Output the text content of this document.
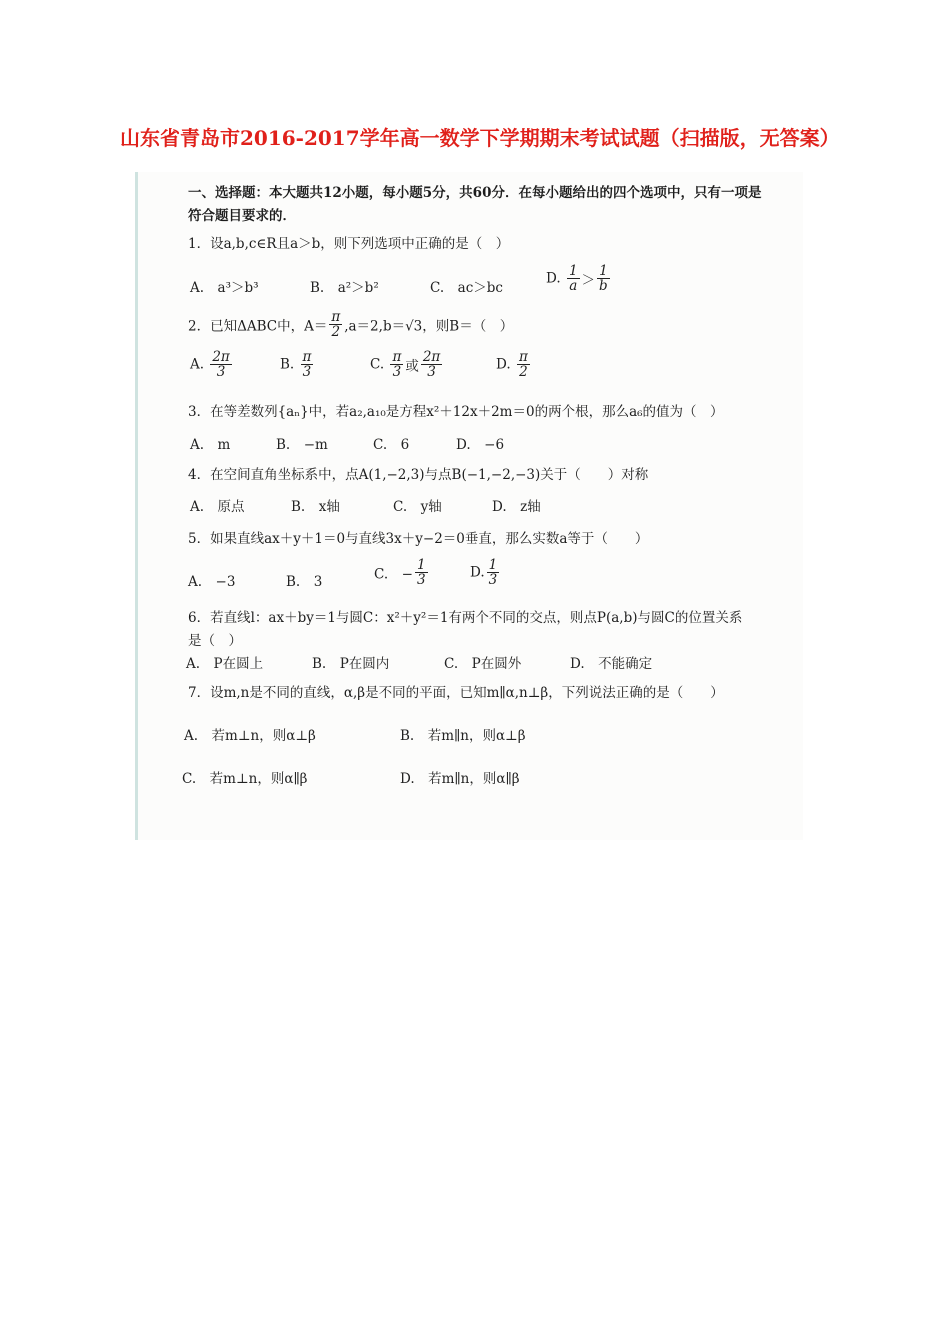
山东省青岛市2016-2017学年高一数学下学期期末考试试题（扫描版，无答案）
一、选择题：本大题共12小题，每小题5分，共60分．在每小题给出的四个选项中，只有一项是
符合题目要求的．
1．设a,b,c∈R且a＞b，则下列选项中正确的是（　）
A.　a³＞b³	B.　a²＞b²	C.　ac＞bc
D. $\frac{1}{a} > \frac{1}{b}$
2．已知ΔABC中，$A= \frac{\pi}{2} ,a=2,b=√3$，则B＝（　）
A. $\frac{2\pi}{3}$	B. $\frac{\pi}{3}$	C. $\frac{\pi}{3}$ 或 $\frac{2\pi}{3}$	D. $\frac{\pi}{2}$
3．在等差数列{aₙ}中，若a₂,a₁₀是方程x²＋12x＋2m＝0的两个根，那么a₆的值为（　）
A.　m	B.　−m	C.　6	D.　−6
4．在空间直角坐标系中，点A(1,−2,3)与点B(−1,−2,−3)关于（　　）对称
A.　原点	B.　x轴	C.　y轴	D.　z轴
5．如果直线ax＋y＋1＝0与直线3x＋y−2＝0垂直，那么实数a等于（　　）
A.　−3	B.　3	C.　− $\frac{1}{3}$	D. $\frac{1}{3}$
6．若直线l：ax＋by＝1与圆C：x²＋y²＝1有两个不同的交点，则点P(a,b)与圆C的位置关系
是（　）
A.　P在圆上	B.　P在圆内	C.　P在圆外	D.　不能确定
7．设m,n是不同的直线，α,β是不同的平面，已知m∥α,n⊥β，下列说法正确的是（　　）
A.　若m⊥n，则α⊥β	B.　若m∥n，则α⊥β
C.　若m⊥n，则α∥β	D.　若m∥n，则α∥β
